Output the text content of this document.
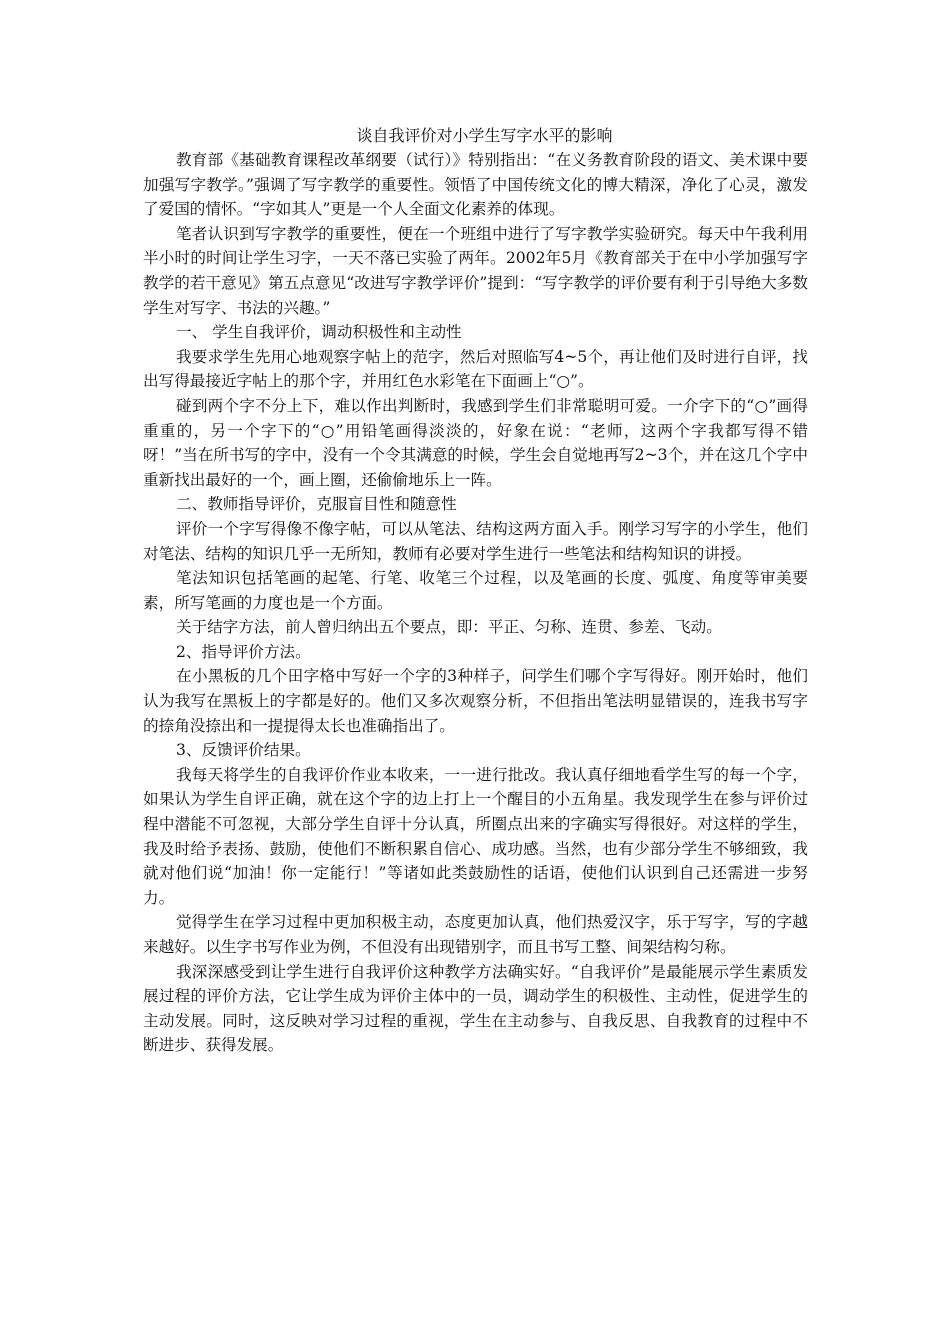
谈自我评价对小学生写字水平的影响

教育部《基础教育课程改革纲要（试行）》特别指出：“在义务教育阶段的语文、美术课中要加强写字教学。”强调了写字教学的重要性。领悟了中国传统文化的博大精深，净化了心灵，激发了爱国的情怀。“字如其人”更是一个人全面文化素养的体现。

笔者认识到写字教学的重要性，便在一个班组中进行了写字教学实验研究。每天中午我利用半小时的时间让学生习字，一天不落已实验了两年。2002年5月《教育部关于在中小学加强写字教学的若干意见》第五点意见“改进写字教学评价”提到：“写字教学的评价要有利于引导绝大多数学生对写字、书法的兴趣。”

一、 学生自我评价，调动积极性和主动性

我要求学生先用心地观察字帖上的范字，然后对照临写4~5个，再让他们及时进行自评，找出写得最接近字帖上的那个字，并用红色水彩笔在下面画上“○”。

碰到两个字不分上下，难以作出判断时，我感到学生们非常聪明可爱。一介字下的“○”画得重重的，另一个字下的“○”用铅笔画得淡淡的，好象在说：“老师，这两个字我都写得不错呀！”当在所书写的字中，没有一个令其满意的时候，学生会自觉地再写2~3个，并在这几个字中重新找出最好的一个，画上圈，还偷偷地乐上一阵。

二、教师指导评价，克服盲目性和随意性

评价一个字写得像不像字帖，可以从笔法、结构这两方面入手。刚学习写字的小学生，他们对笔法、结构的知识几乎一无所知，教师有必要对学生进行一些笔法和结构知识的讲授。

笔法知识包括笔画的起笔、行笔、收笔三个过程，以及笔画的长度、弧度、角度等审美要素，所写笔画的力度也是一个方面。

关于结字方法，前人曾归纳出五个要点，即：平正、匀称、连贯、参差、飞动。

2、指导评价方法。

在小黑板的几个田字格中写好一个字的3种样子，问学生们哪个字写得好。刚开始时，他们认为我写在黑板上的字都是好的。他们又多次观察分析，不但指出笔法明显错误的，连我书写字的捺角没捺出和一提提得太长也准确指出了。

3、反馈评价结果。

我每天将学生的自我评价作业本收来，一一进行批改。我认真仔细地看学生写的每一个字，如果认为学生自评正确，就在这个字的边上打上一个醒目的小五角星。我发现学生在参与评价过程中潜能不可忽视，大部分学生自评十分认真，所圈点出来的字确实写得很好。对这样的学生，我及时给予表扬、鼓励，使他们不断积累自信心、成功感。当然，也有少部分学生不够细致，我就对他们说“加油！你一定能行！”等诸如此类鼓励性的话语，使他们认识到自己还需进一步努力。

觉得学生在学习过程中更加积极主动，态度更加认真，他们热爱汉字，乐于写字，写的字越来越好。以生字书写作业为例，不但没有出现错别字，而且书写工整、间架结构匀称。

我深深感受到让学生进行自我评价这种教学方法确实好。“自我评价”是最能展示学生素质发展过程的评价方法，它让学生成为评价主体中的一员，调动学生的积极性、主动性，促进学生的主动发展。同时，这反映对学习过程的重视，学生在主动参与、自我反思、自我教育的过程中不断进步、获得发展。
